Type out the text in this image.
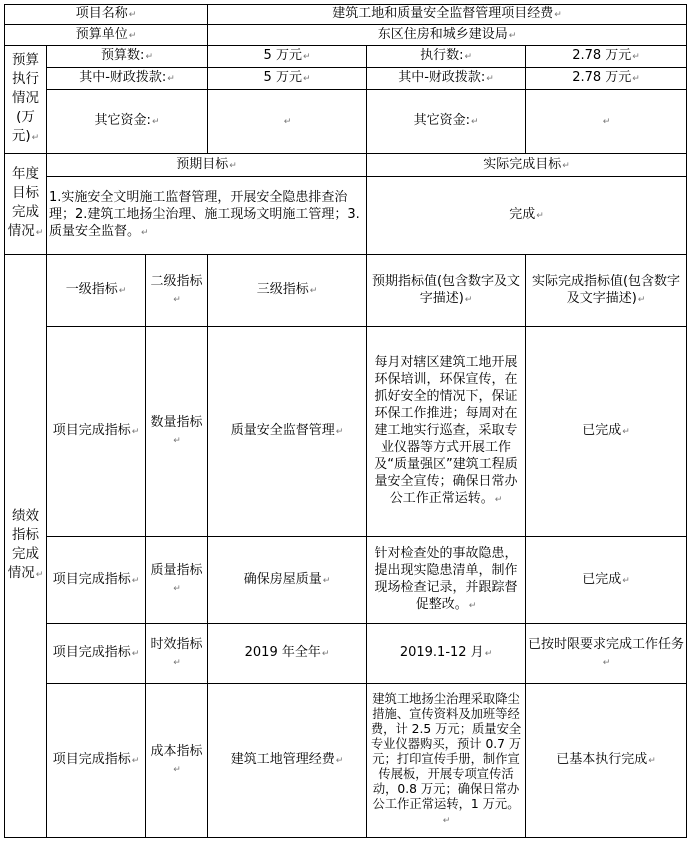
项目名称↵			建筑工地和质量安全监督管理项目经费↵		
预算单位↵			东区住房和城乡建设局↵		
预算执行情况(万元)↵	预算数:↵		5 万元↵	执行数:↵	2.78 万元↵
	其中-财政拨款:↵		5 万元↵	其中-财政拨款:↵	2.78 万元↵
	其它资金:↵		↵	其它资金:↵	↵
年度目标完成情况↵	预期目标↵			实际完成目标↵	
	1.实施安全文明施工监督管理，开展安全隐患排查治理；2.建筑工地扬尘治理、施工现场文明施工管理；3.质量安全监督。↵			完成↵	
绩效指标完成情况↵	一级指标↵	二级指标↵	三级指标↵	预期指标值(包含数字及文字描述)↵	实际完成指标值(包含数字及文字描述)↵
	项目完成指标↵	数量指标↵	质量安全监督管理↵	每月对辖区建筑工地开展环保培训，环保宣传，在抓好安全的情况下，保证环保工作推进；每周对在建工地实行巡查，采取专业仪器等方式开展工作及“质量强区”建筑工程质量安全宣传；确保日常办公工作正常运转。↵	已完成↵
	项目完成指标↵	质量指标↵	确保房屋质量↵	针对检查处的事故隐患，提出现实隐患清单，制作现场检查记录，并跟踪督促整改。↵	已完成↵
	项目完成指标↵	时效指标↵	2019 年全年↵	2019.1-12 月↵	已按时限要求完成工作任务↵
	项目完成指标↵	成本指标↵	建筑工地管理经费↵	建筑工地扬尘治理采取降尘措施、宣传资料及加班等经费，计 2.5 万元；质量安全专业仪器购买，预计 0.7 万元；打印宣传手册，制作宣传展板，开展专项宣传活动，0.8 万元；确保日常办公工作正常运转，1 万元。↵	已基本执行完成↵
